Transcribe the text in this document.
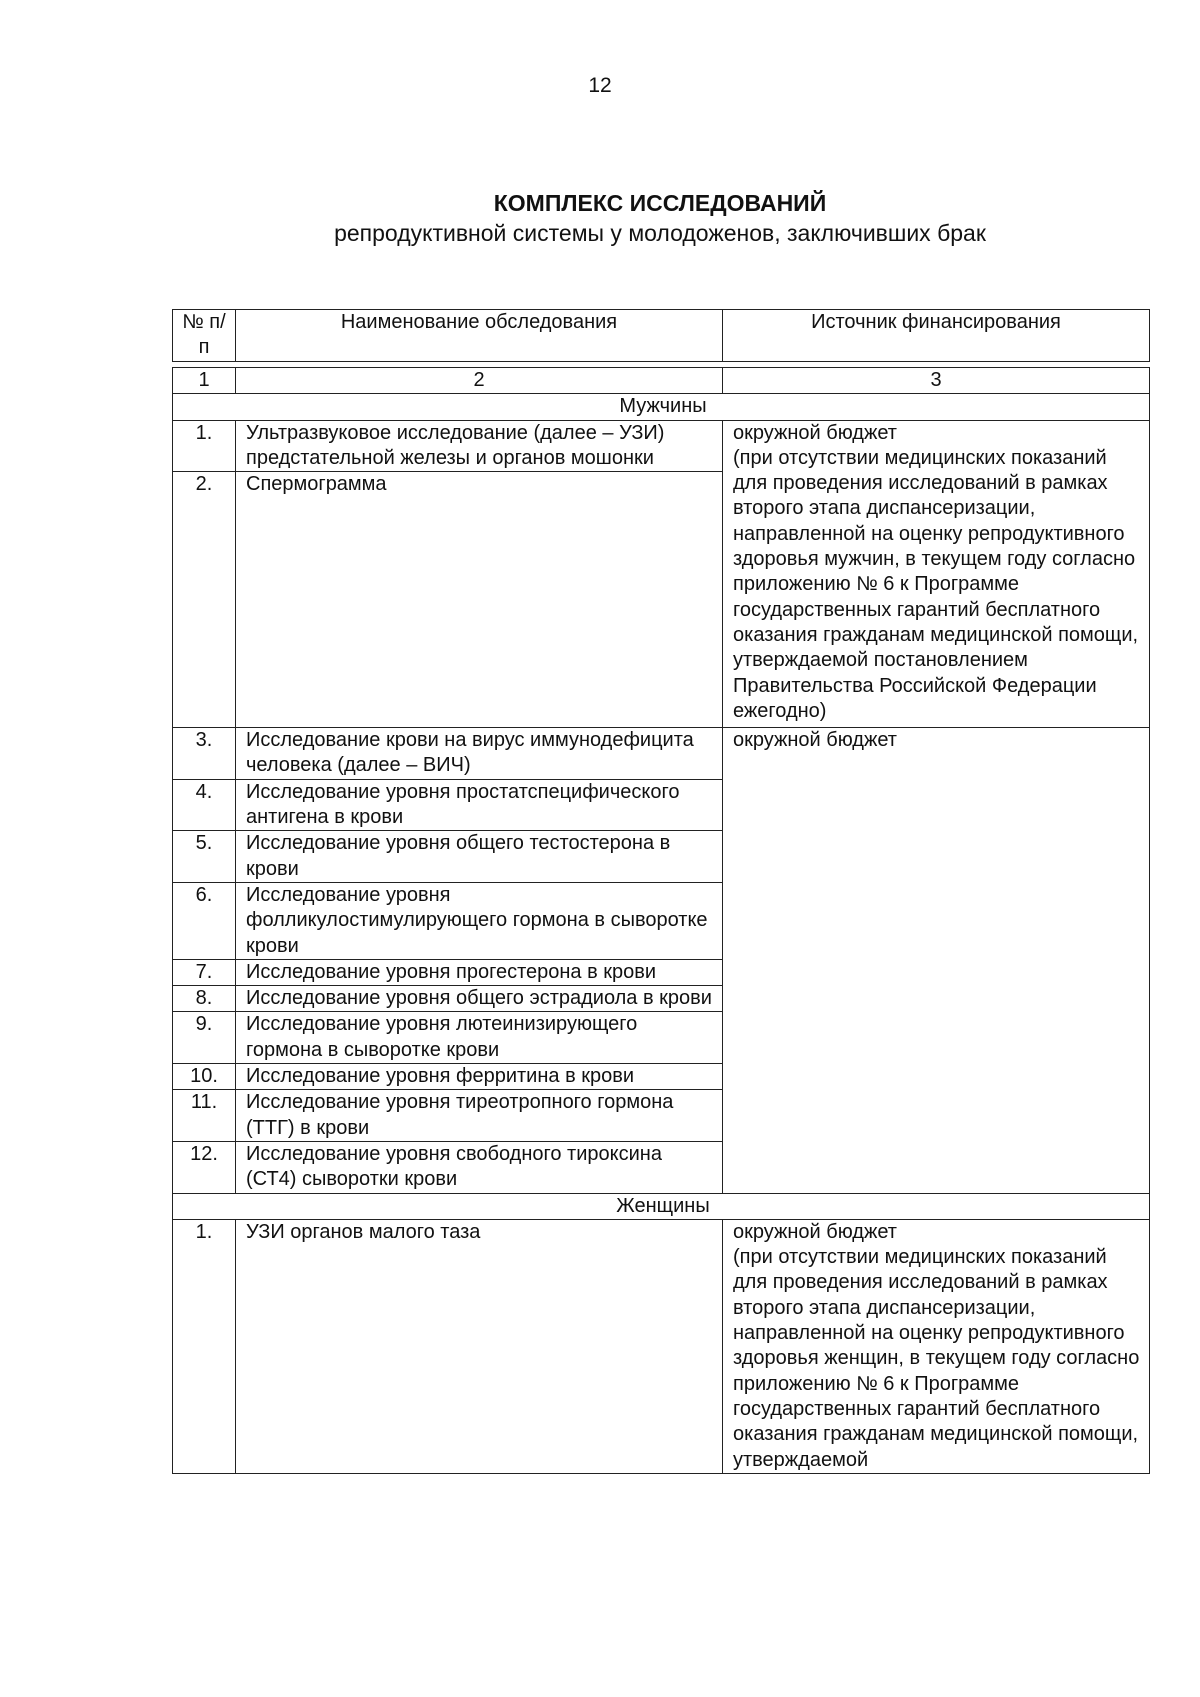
12
КОМПЛЕКС ИССЛЕДОВАНИЙ
репродуктивной системы у молодоженов, заключивших брак
№ п/п	Наименование обследования	Источник финансирования
1	2	3
Мужчины		
1.	Ультразвуковое исследование (далее – УЗИ) предстательной железы и органов мошонки	окружной бюджет
(при отсутствии медицинских показаний для проведения исследований в рамках второго этапа диспансеризации, направленной на оценку репродуктивного здоровья мужчин, в текущем году согласно приложению № 6 к Программе государственных гарантий бесплатного оказания гражданам медицинской помощи, утверждаемой постановлением Правительства Российской Федерации ежегодно)
2.	Спермограмма	
3.	Исследование крови на вирус иммунодефицита человека (далее – ВИЧ)	окружной бюджет
4.	Исследование уровня простатспецифического антигена в крови	
5.	Исследование уровня общего тестостерона в крови	
6.	Исследование уровня фолликулостимулирующего гормона в сыворотке крови	
7.	Исследование уровня прогестерона в крови	
8.	Исследование уровня общего эстрадиола в крови	
9.	Исследование уровня лютеинизирующего гормона в сыворотке крови	
10.	Исследование уровня ферритина в крови	
11.	Исследование уровня тиреотропного гормона (ТТГ) в крови	
12.	Исследование уровня свободного тироксина (СТ4) сыворотки крови	
Женщины		
1.	УЗИ органов малого таза	окружной бюджет
(при отсутствии медицинских показаний для проведения исследований в рамках второго этапа диспансеризации, направленной на оценку репродуктивного здоровья женщин, в текущем году согласно приложению № 6 к Программе государственных гарантий бесплатного оказания гражданам медицинской помощи, утверждаемой
